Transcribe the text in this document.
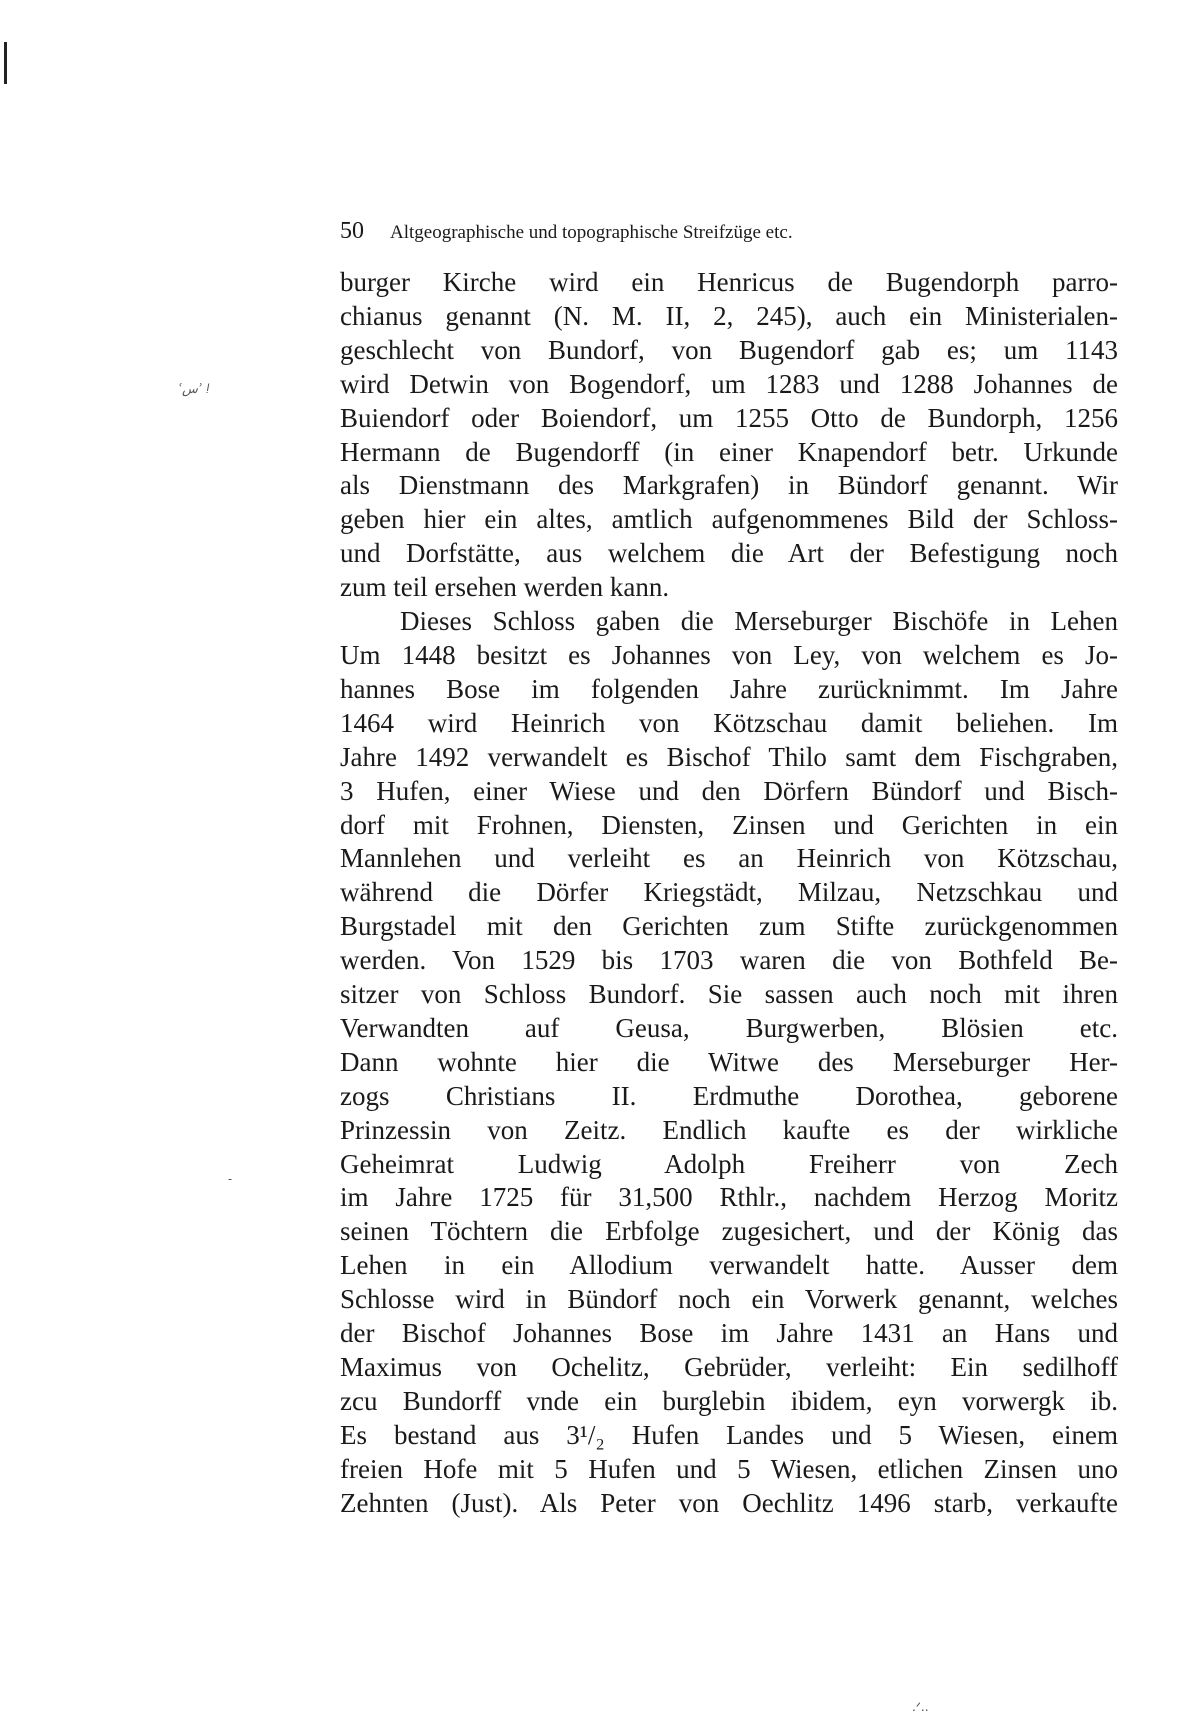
ʿسʾ ǃ
-
.ᐟ..
50 Altgeographische und topographische Streifzüge etc.
burger Kirche wird ein Henricus de Bugendorph parro-
chianus genannt (N. M. II, 2, 245), auch ein Ministerialen-
geschlecht von Bundorf, von Bugendorf gab es; um 1143
wird Detwin von Bogendorf, um 1283 und 1288 Johannes de
Buiendorf oder Boiendorf, um 1255 Otto de Bundorph, 1256
Hermann de Bugendorff (in einer Knapendorf betr. Urkunde
als Dienstmann des Markgrafen) in Bündorf genannt. Wir
geben hier ein altes, amtlich aufgenommenes Bild der Schloss-
und Dorfstätte, aus welchem die Art der Befestigung noch
zum teil ersehen werden kann.
Dieses Schloss gaben die Merseburger Bischöfe in Lehen
Um 1448 besitzt es Johannes von Ley, von welchem es Jo-
hannes Bose im folgenden Jahre zurücknimmt. Im Jahre
1464 wird Heinrich von Kötzschau damit beliehen. Im
Jahre 1492 verwandelt es Bischof Thilo samt dem Fischgraben,
3 Hufen, einer Wiese und den Dörfern Bündorf und Bisch-
dorf mit Frohnen, Diensten, Zinsen und Gerichten in ein
Mannlehen und verleiht es an Heinrich von Kötzschau,
während die Dörfer Kriegstädt, Milzau, Netzschkau und
Burgstadel mit den Gerichten zum Stifte zurückgenommen
werden. Von 1529 bis 1703 waren die von Bothfeld Be-
sitzer von Schloss Bundorf. Sie sassen auch noch mit ihren
Verwandten auf Geusa, Burgwerben, Blösien etc.
Dann wohnte hier die Witwe des Merseburger Her-
zogs Christians II. Erdmuthe Dorothea, geborene
Prinzessin von Zeitz. Endlich kaufte es der wirkliche
Geheimrat Ludwig Adolph Freiherr von Zech
im Jahre 1725 für 31,500 Rthlr., nachdem Herzog Moritz
seinen Töchtern die Erbfolge zugesichert, und der König das
Lehen in ein Allodium verwandelt hatte. Ausser dem
Schlosse wird in Bündorf noch ein Vorwerk genannt, welches
der Bischof Johannes Bose im Jahre 1431 an Hans und
Maximus von Ochelitz, Gebrüder, verleiht: Ein sedilhoff
zcu Bundorff vnde ein burglebin ibidem, eyn vorwergk ib.
Es bestand aus 3¹/₂ Hufen Landes und 5 Wiesen, einem
freien Hofe mit 5 Hufen und 5 Wiesen, etlichen Zinsen uno
Zehnten (Just). Als Peter von Oechlitz 1496 starb, verkaufte
